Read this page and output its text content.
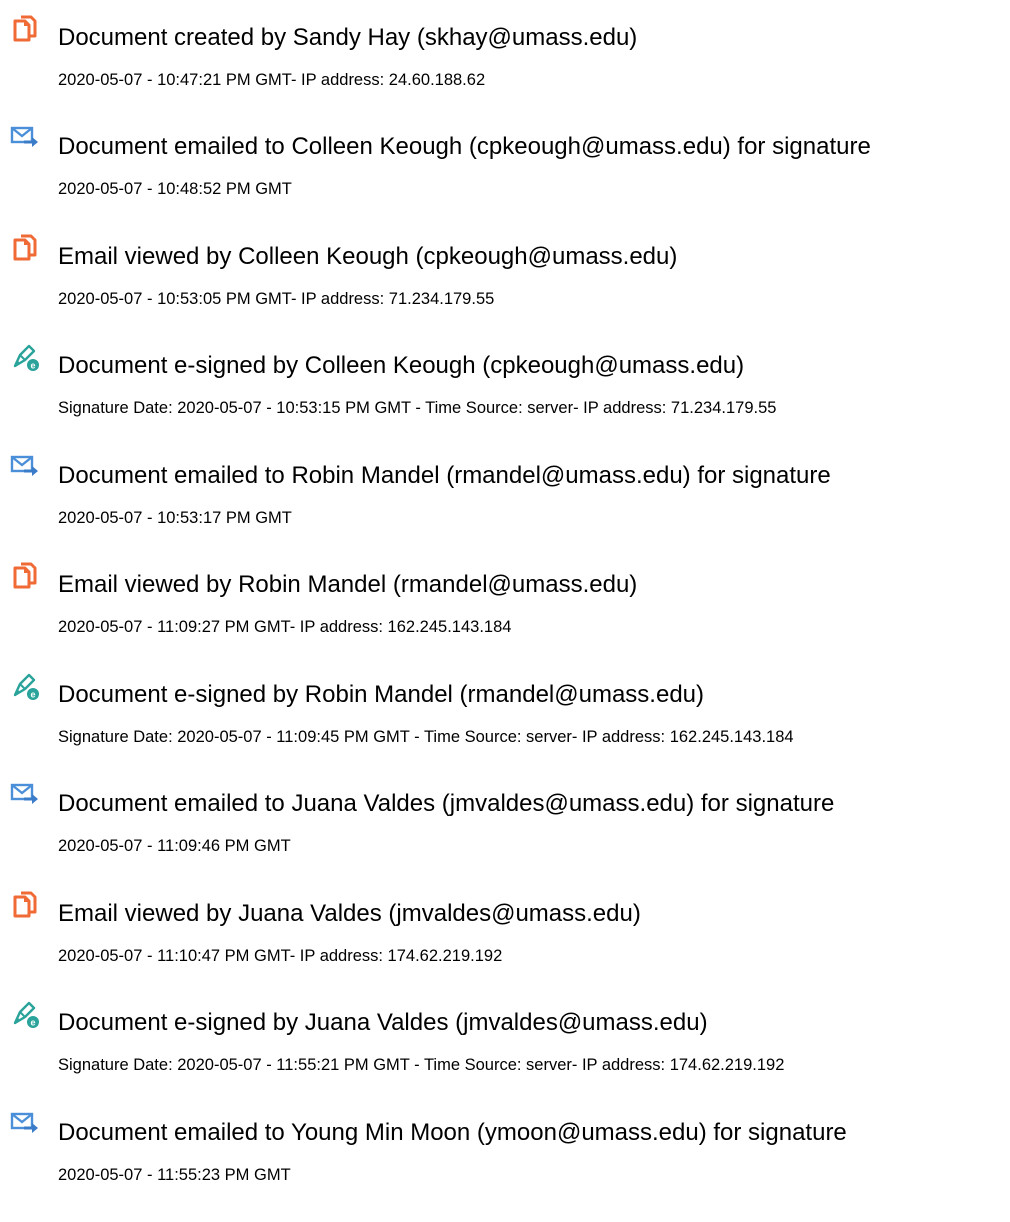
Document created by Sandy Hay (skhay@umass.edu)
2020-05-07 - 10:47:21 PM GMT- IP address: 24.60.188.62
Document emailed to Colleen Keough (cpkeough@umass.edu) for signature
2020-05-07 - 10:48:52 PM GMT
Email viewed by Colleen Keough (cpkeough@umass.edu)
2020-05-07 - 10:53:05 PM GMT- IP address: 71.234.179.55
e Document e-signed by Colleen Keough (cpkeough@umass.edu)
Signature Date: 2020-05-07 - 10:53:15 PM GMT - Time Source: server- IP address: 71.234.179.55
Document emailed to Robin Mandel (rmandel@umass.edu) for signature
2020-05-07 - 10:53:17 PM GMT
Email viewed by Robin Mandel (rmandel@umass.edu)
2020-05-07 - 11:09:27 PM GMT- IP address: 162.245.143.184
e Document e-signed by Robin Mandel (rmandel@umass.edu)
Signature Date: 2020-05-07 - 11:09:45 PM GMT - Time Source: server- IP address: 162.245.143.184
Document emailed to Juana Valdes (jmvaldes@umass.edu) for signature
2020-05-07 - 11:09:46 PM GMT
Email viewed by Juana Valdes (jmvaldes@umass.edu)
2020-05-07 - 11:10:47 PM GMT- IP address: 174.62.219.192
e Document e-signed by Juana Valdes (jmvaldes@umass.edu)
Signature Date: 2020-05-07 - 11:55:21 PM GMT - Time Source: server- IP address: 174.62.219.192
Document emailed to Young Min Moon (ymoon@umass.edu) for signature
2020-05-07 - 11:55:23 PM GMT
